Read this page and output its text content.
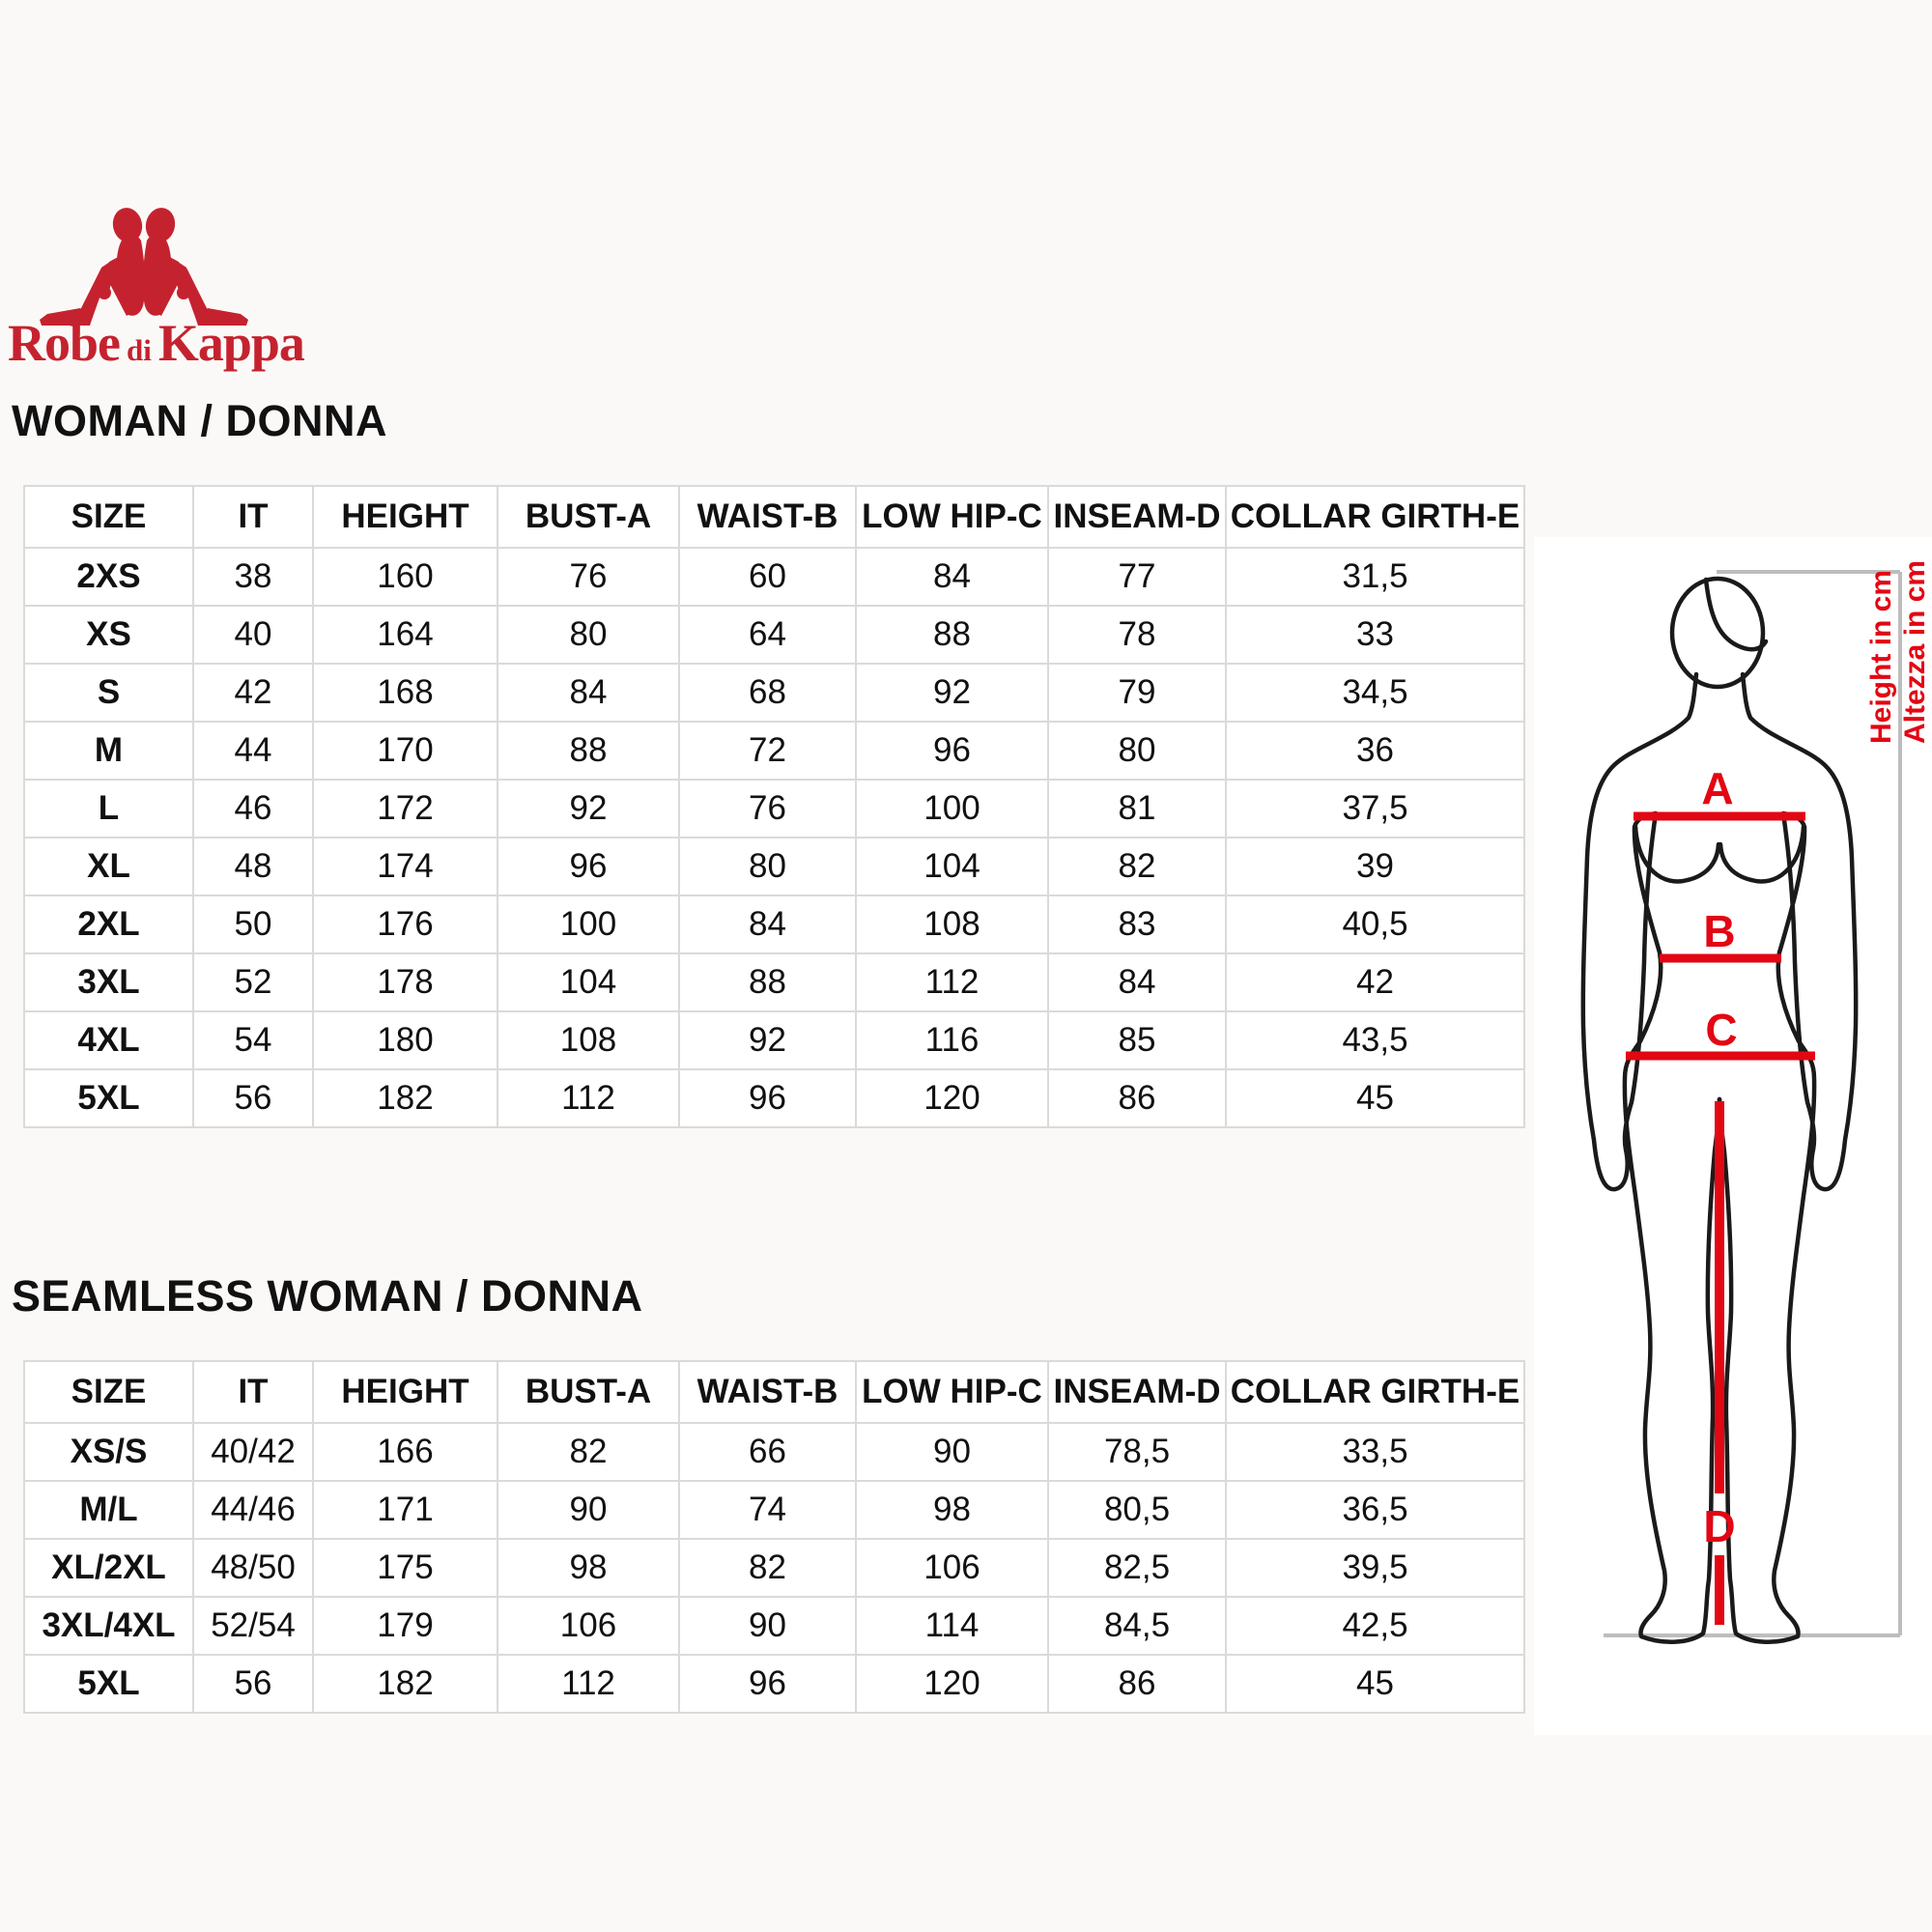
Robe di Kappa
WOMAN / DONNA
SIZE	IT	HEIGHT	BUST-A	WAIST-B	LOW HIP-C	INSEAM-D	COLLAR GIRTH-E
2XS	38	160	76	60	84	77	31,5
XS	40	164	80	64	88	78	33
S	42	168	84	68	92	79	34,5
M	44	170	88	72	96	80	36
L	46	172	92	76	100	81	37,5
XL	48	174	96	80	104	82	39
2XL	50	176	100	84	108	83	40,5
3XL	52	178	104	88	112	84	42
4XL	54	180	108	92	116	85	43,5
5XL	56	182	112	96	120	86	45
SEAMLESS WOMAN / DONNA
SIZE	IT	HEIGHT	BUST-A	WAIST-B	LOW HIP-C	INSEAM-D	COLLAR GIRTH-E
XS/S	40/42	166	82	66	90	78,5	33,5
M/L	44/46	171	90	74	98	80,5	36,5
XL/2XL	48/50	175	98	82	106	82,5	39,5
3XL/4XL	52/54	179	106	90	114	84,5	42,5
5XL	56	182	112	96	120	86	45
Height in cm Altezza in cm
A
B
C
D
